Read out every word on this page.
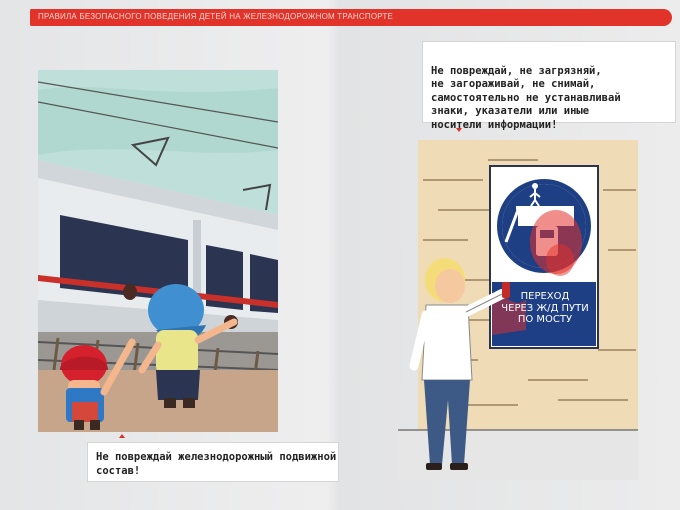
ПРАВИЛА БЕЗОПАСНОГО ПОВЕДЕНИЯ ДЕТЕЙ НА ЖЕЛЕЗНОДОРОЖНОМ ТРАНСПОРТЕ
Не повреждай железнодорожный подвижной состав!

Не повреждай, не загрязняй,
не загораживай, не снимай,
самостоятельно не устанавливай
знаки, указатели или иные
носители информации!

ПЕРЕХОД
ЧЕРЕЗ Ж/Д ПУТИ
ПО МОСТУ
